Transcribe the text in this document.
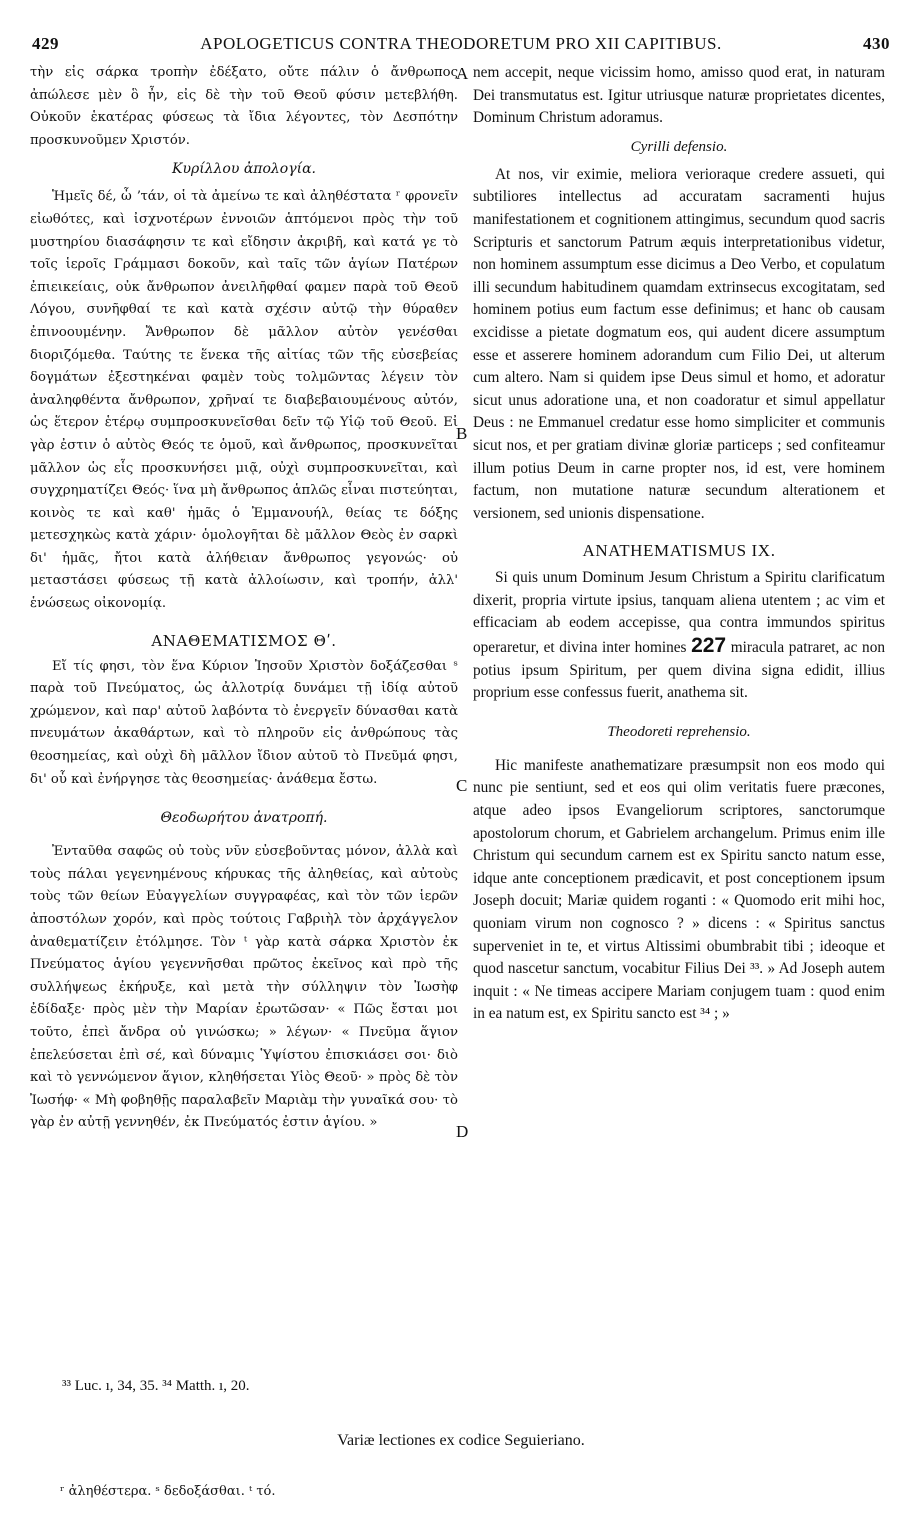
429	APOLOGETICUS CONTRA THEODORETUM PRO XII CAPITIBUS.	430

τὴν εἰς σάρκα τροπὴν ἐδέξατο, οὔτε πάλιν ὁ ἄνθρωπος ἀπώλεσε μὲν ὃ ἦν, εἰς δὲ τὴν τοῦ Θεοῦ φύσιν μετεβλήθη. Οὐκοῦν ἑκατέρας φύσεως τὰ ἴδια λέγοντες, τὸν Δεσπότην προσκυνοῦμεν Χριστόν.

Κυρίλλου ἀπολογία.

Ἡμεῖς δέ, ὦ ʼτάν, οἱ τὰ ἀμείνω τε καὶ ἀληθέστατα ʳ φρονεῖν εἰωθότες, καὶ ἰσχνοτέρων ἐννοιῶν ἁπτόμενοι πρὸς τὴν τοῦ μυστηρίου διασάφησιν τε καὶ εἴδησιν ἀκριβῆ, καὶ κατά γε τὸ τοῖς ἱεροῖς Γράμμασι δοκοῦν, καὶ ταῖς τῶν ἁγίων Πατέρων ἐπιεικείαις, οὐκ ἄνθρωπον ἀνειλῆφθαί φαμεν παρὰ τοῦ Θεοῦ Λόγου, συνῆφθαί τε καὶ κατὰ σχέσιν αὐτῷ τὴν θύραθεν ἐπινοουμένην. Ἄνθρωπον δὲ μᾶλλον αὐτὸν γενέσθαι διοριζόμεθα. Ταύτης τε ἕνεκα τῆς αἰτίας τῶν τῆς εὐσεβείας δογμάτων ἐξεστηκέναι φαμὲν τοὺς τολμῶντας λέγειν τὸν ἀναληφθέντα ἄνθρωπον, χρῆναί τε διαβεβαιουμένους αὐτόν, ὡς ἕτερον ἑτέρῳ συμπροσκυνεῖσθαι δεῖν τῷ Υἱῷ τοῦ Θεοῦ. Εἰ γὰρ ἐστιν ὁ αὐτὸς Θεός τε ὁμοῦ, καὶ ἄνθρωπος, προσκυνεῖται μᾶλλον ὡς εἷς προσκυνήσει μιᾷ, οὐχὶ συμπροσκυνεῖται, καὶ συγχρηματίζει Θεός· ἵνα μὴ ἄνθρωπος ἁπλῶς εἶναι πιστεύηται, κοινὸς τε καὶ καθ' ἡμᾶς ὁ Ἐμμανουήλ, θείας τε δόξης μετεσχηκὼς κατὰ χάριν· ὁμολογῆται δὲ μᾶλλον Θεὸς ἐν σαρκὶ δι' ἡμᾶς, ἤτοι κατὰ ἀλήθειαν ἄνθρωπος γεγονώς· οὐ μεταστάσει φύσεως τῇ κατὰ ἀλλοίωσιν, καὶ τροπήν, ἀλλ' ἑνώσεως οἰκονομίᾳ.

ΑΝΑΘΕΜΑΤΙΣΜΟΣ Θʹ.

Εἴ τίς φησι, τὸν ἕνα Κύριον Ἰησοῦν Χριστὸν δοξάζεσθαι ˢ παρὰ τοῦ Πνεύματος, ὡς ἀλλοτρίᾳ δυνάμει τῇ ἰδίᾳ αὐτοῦ χρώμενον, καὶ παρ' αὐτοῦ λαβόντα τὸ ἐνεργεῖν δύνασθαι κατὰ πνευμάτων ἀκαθάρτων, καὶ τὸ πληροῦν εἰς ἀνθρώπους τὰς θεοσημείας, καὶ οὐχὶ δὴ μᾶλλον ἴδιον αὐτοῦ τὸ Πνεῦμά φησι, δι' οὗ καὶ ἐνήργησε τὰς θεοσημείας· ἀνάθεμα ἔστω.

Θεοδωρήτου ἀνατροπή.

Ἐνταῦθα σαφῶς οὐ τοὺς νῦν εὐσεβοῦντας μόνον, ἀλλὰ καὶ τοὺς πάλαι γεγενημένους κήρυκας τῆς ἀληθείας, καὶ αὐτοὺς τοὺς τῶν θείων Εὐαγγελίων συγγραφέας, καὶ τὸν τῶν ἱερῶν ἀποστόλων χορόν, καὶ πρὸς τούτοις Γαβριὴλ τὸν ἀρχάγγελον ἀναθεματίζειν ἐτόλμησε. Τὸν ᵗ γὰρ κατὰ σάρκα Χριστὸν ἐκ Πνεύματος ἁγίου γεγεννῆσθαι πρῶτος ἐκεῖνος καὶ πρὸ τῆς συλλήψεως ἐκήρυξε, καὶ μετὰ τὴν σύλληψιν τὸν Ἰωσὴφ ἐδίδαξε· πρὸς μὲν τὴν Μαρίαν ἐρωτῶσαν· « Πῶς ἔσται μοι τοῦτο, ἐπεὶ ἄνδρα οὐ γινώσκω; » λέγων· « Πνεῦμα ἅγιον ἐπελεύσεται ἐπὶ σέ, καὶ δύναμις Ὑψίστου ἐπισκιάσει σοι· διὸ καὶ τὸ γεννώμενον ἅγιον, κληθήσεται Υἱὸς Θεοῦ· » πρὸς δὲ τὸν Ἰωσήφ· « Μὴ φοβηθῇς παραλαβεῖν Μαριὰμ τὴν γυναῖκά σου· τὸ γὰρ ἐν αὐτῇ γεννηθέν, ἐκ Πνεύματός ἐστιν ἁγίου. »

nem accepit, neque vicissim homo, amisso quod erat, in naturam Dei transmutatus est. Igitur utriusque naturæ proprietates dicentes, Dominum Christum adoramus.

Cyrilli defensio.

At nos, vir eximie, meliora verioraque credere assueti, qui subtiliores intellectus ad accuratam sacramenti hujus manifestationem et cognitionem attingimus, secundum quod sacris Scripturis et sanctorum Patrum æquis interpretationibus videtur, non hominem assumptum esse dicimus a Deo Verbo, et copulatum illi secundum habitudinem quamdam extrinsecus excogitatam, sed hominem potius eum factum esse definimus; et hanc ob causam excidisse a pietate dogmatum eos, qui audent dicere assumptum esse et asserere hominem adorandum cum Filio Dei, ut alterum cum altero. Nam si quidem ipse Deus simul et homo, et adoratur sicut unus adoratione una, et non coadoratur et simul appellatur Deus : ne Emmanuel credatur esse homo simpliciter et communis sicut nos, et per gratiam divinæ gloriæ particeps ; sed confiteamur illum potius Deum in carne propter nos, id est, vere hominem factum, non mutatione naturæ secundum alterationem et versionem, sed unionis dispensatione.

ANATHEMATISMUS IX.

Si quis unum Dominum Jesum Christum a Spiritu clarificatum dixerit, propria virtute ipsius, tanquam aliena utentem ; ac vim et efficaciam ab eodem accepisse, qua contra immundos spiritus operaretur, et divina inter homines 227 miracula patraret, ac non potius ipsum Spiritum, per quem divina signa edidit, illius proprium esse confessus fuerit, anathema sit.

Theodoreti reprehensio.

Hic manifeste anathematizare præsumpsit non eos modo qui nunc pie sentiunt, sed et eos qui olim veritatis fuere præcones, atque adeo ipsos Evangeliorum scriptores, sanctorumque apostolorum chorum, et Gabrielem archangelum. Primus enim ille Christum qui secundum carnem est ex Spiritu sancto natum esse, idque ante conceptionem prædicavit, et post conceptionem ipsum Joseph docuit; Mariæ quidem roganti : « Quomodo erit mihi hoc, quoniam virum non cognosco ? » dicens : « Spiritus sanctus superveniet in te, et virtus Altissimi obumbrabit tibi ; ideoque et quod nascetur sanctum, vocabitur Filius Dei ³³. » Ad Joseph autem inquit : « Ne timeas accipere Mariam conjugem tuam : quod enim in ea natum est, ex Spiritu sancto est ³⁴ ; »

A
B
C
D
³³ Luc. ı, 34, 35. ³⁴ Matth. ı, 20.
Variæ lectiones ex codice Seguieriano.
ʳ ἀληθέστερα. ˢ δεδοξάσθαι. ᵗ τό.
